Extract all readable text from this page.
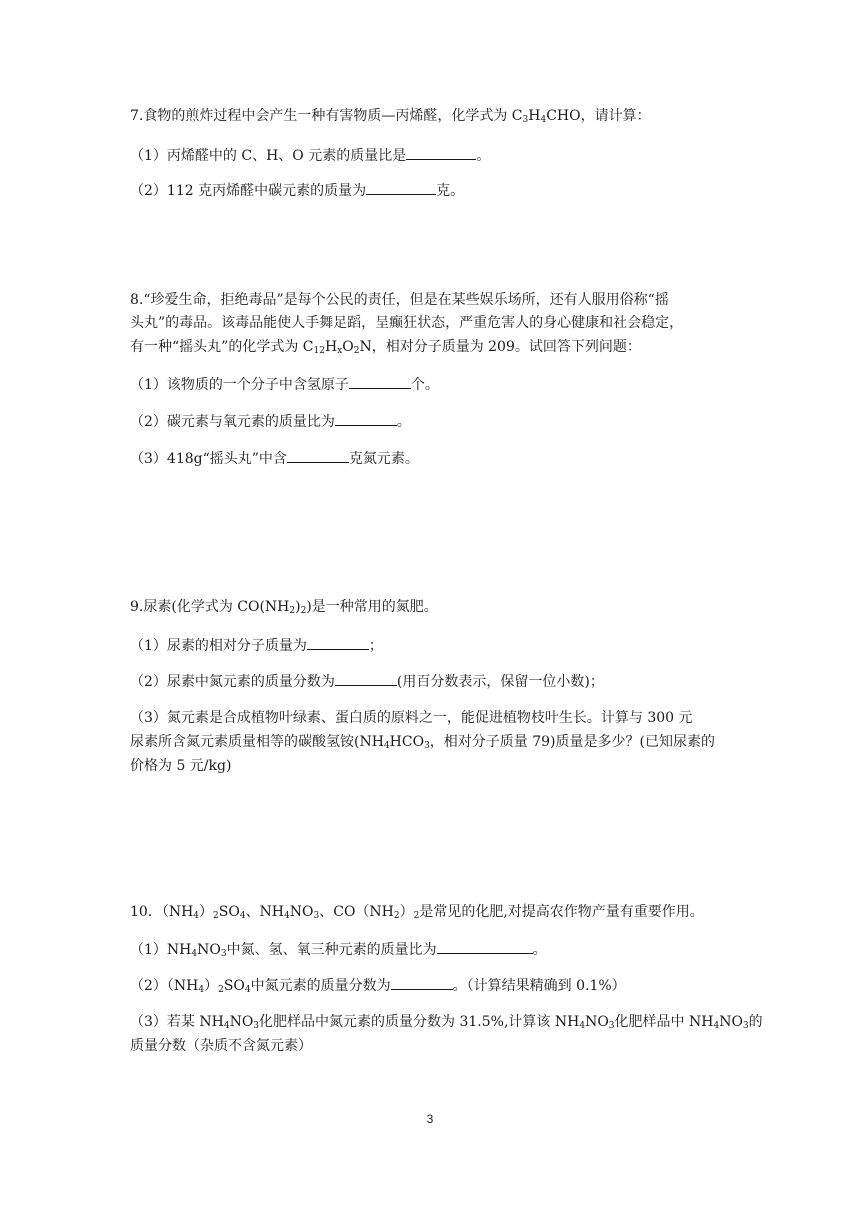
7.食物的煎炸过程中会产生一种有害物质—丙烯醛，化学式为 $C_3H_4CHO$，请计算：
（1）丙烯醛中的 C、H、O 元素的质量比是	。
（2）112 克丙烯醛中碳元素的质量为	克。
8.“珍爱生命，拒绝毒品”是每个公民的责任，但是在某些娱乐场所，还有人服用俗称“摇
头丸”的毒品。该毒品能使人手舞足蹈，呈癫狂状态，严重危害人的身心健康和社会稳定，
有一种“摇头丸”的化学式为 $C_{12}H_xO_2N$，相对分子质量为 209。试回答下列问题：
（1）该物质的一个分子中含氢原子	个。
（2）碳元素与氧元素的质量比为	。
（3）418g“摇头丸”中含	克氮元素。
9.尿素(化学式为 $CO(NH_2)_2$)是一种常用的氮肥。
（1）尿素的相对分子质量为	；
（2）尿素中氮元素的质量分数为	(用百分数表示，保留一位小数)；
（3）氮元素是合成植物叶绿素、蛋白质的原料之一，能促进植物枝叶生长。计算与 300 元
尿素所含氮元素质量相等的碳酸氢铵($NH_4HCO_3$，相对分子质量 79)质量是多少？(已知尿素的
价格为 5 元/kg)
10．$(NH_4)_2SO_4$、$NH_4NO_3$、$CO(NH_2)_2$是常见的化肥,对提高农作物产量有重要作用。
$(1)NH_4NO_3$中氮、氢、氧三种元素的质量比为	。
$(2)(NH_4)_2SO_4$中氮元素的质量分数为	。（计算结果精确到 0.1%）
（3）若某 $NH_4NO_3$化肥样品中氮元素的质量分数为 31.5%,计算该 $NH_4NO_3$化肥样品中 $NH_4NO_3$的
质量分数（杂质不含氮元素）
3
